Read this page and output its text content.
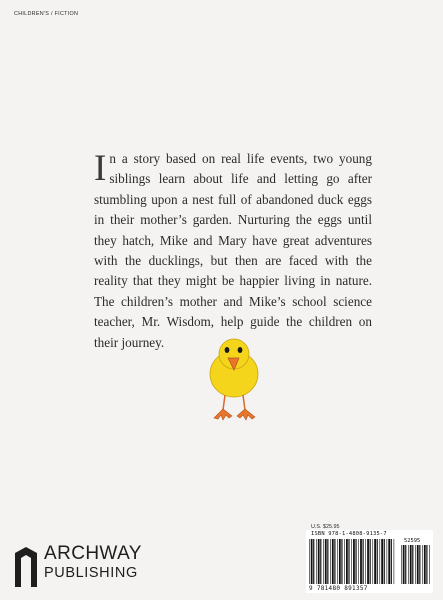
CHILDREN'S / FICTION

In a story based on real life events, two young siblings learn about life and letting go after stumbling upon a nest full of abandoned duck eggs in their mother’s garden. Nurturing the eggs until they hatch, Mike and Mary have great adventures with the ducklings, but then are faced with the reality that they might be happier living in nature. The children’s mother and Mike’s school science teacher, Mr. Wisdom, help guide the children on their journey.

ARCHWAY
PUBLISHING
U.S. $25.95
ISBN 978-1-4808-9135-7
52595
9 781480 891357
